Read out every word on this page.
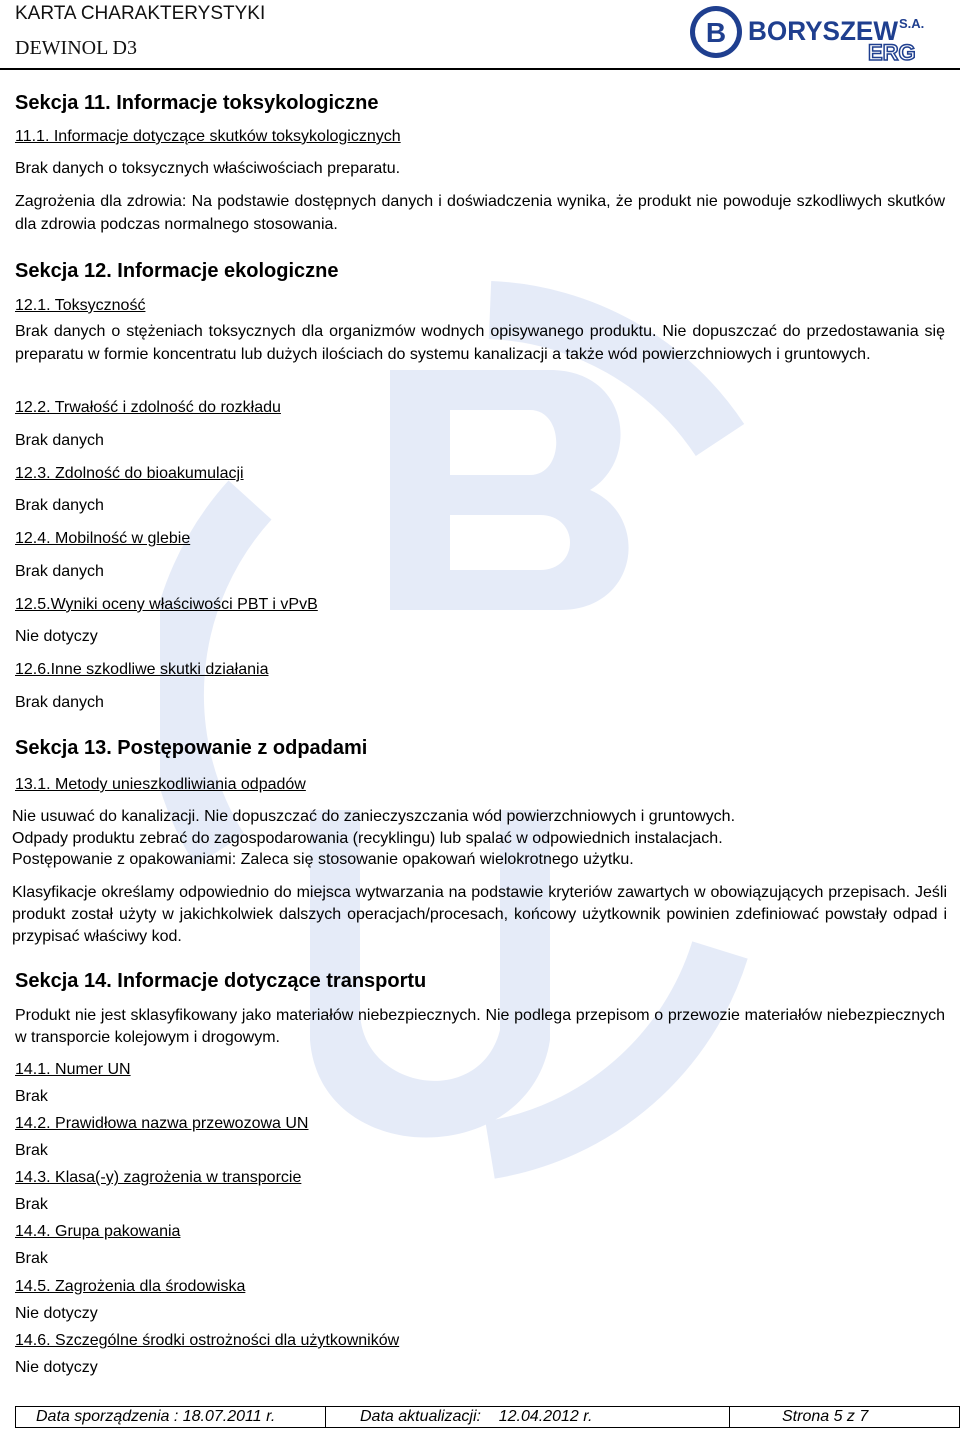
KARTA CHARAKTERYSTYKI
DEWINOL D3	B BORYSZEW S.A.
ERG
Sekcja 11. Informacje toksykologiczne
11.1. Informacje dotyczące skutków toksykologicznych
Brak danych o toksycznych właściwościach preparatu.
Zagrożenia dla zdrowia: Na podstawie dostępnych danych i doświadczenia wynika, że produkt nie powoduje szkodliwych skutków dla zdrowia podczas normalnego stosowania.
Sekcja 12. Informacje ekologiczne
12.1. Toksyczność
Brak danych o stężeniach toksycznych dla organizmów wodnych opisywanego produktu. Nie dopuszczać do przedostawania się preparatu w formie koncentratu lub dużych ilościach do systemu kanalizacji a także wód powierzchniowych i gruntowych.
12.2. Trwałość i zdolność do rozkładu
Brak danych
12.3. Zdolność do bioakumulacji
Brak danych
12.4. Mobilność w glebie
Brak danych
12.5.Wyniki oceny właściwości PBT i vPvB
Nie dotyczy
12.6.Inne szkodliwe skutki działania
Brak danych
Sekcja 13. Postępowanie z odpadami
13.1. Metody unieszkodliwiania odpadów
Nie usuwać do kanalizacji. Nie dopuszczać do zanieczyszczania wód powierzchniowych i gruntowych.
Odpady produktu zebrać do zagospodarowania (recyklingu) lub spalać w odpowiednich instalacjach.
Postępowanie z opakowaniami: Zaleca się stosowanie opakowań wielokrotnego użytku.
Klasyfikacje określamy odpowiednio do miejsca wytwarzania na podstawie kryteriów zawartych w obowiązujących przepisach. Jeśli produkt został użyty w jakichkolwiek dalszych operacjach/procesach, końcowy użytkownik powinien zdefiniować powstały odpad i przypisać właściwy kod.
Sekcja 14. Informacje dotyczące transportu
Produkt nie jest sklasyfikowany jako materiałów niebezpiecznych. Nie podlega przepisom o przewozie materiałów niebezpiecznych w transporcie kolejowym i drogowym.
14.1. Numer UN
Brak
14.2. Prawidłowa nazwa przewozowa UN
Brak
14.3. Klasa(-y) zagrożenia w transporcie
Brak
14.4. Grupa pakowania
Brak
14.5. Zagrożenia dla środowiska
Nie dotyczy
14.6. Szczególne środki ostrożności dla użytkowników
Nie dotyczy
Data sporządzenia : 18.07.2011 r.	Data aktualizacji:    12.04.2012 r.	Strona 5 z 7
